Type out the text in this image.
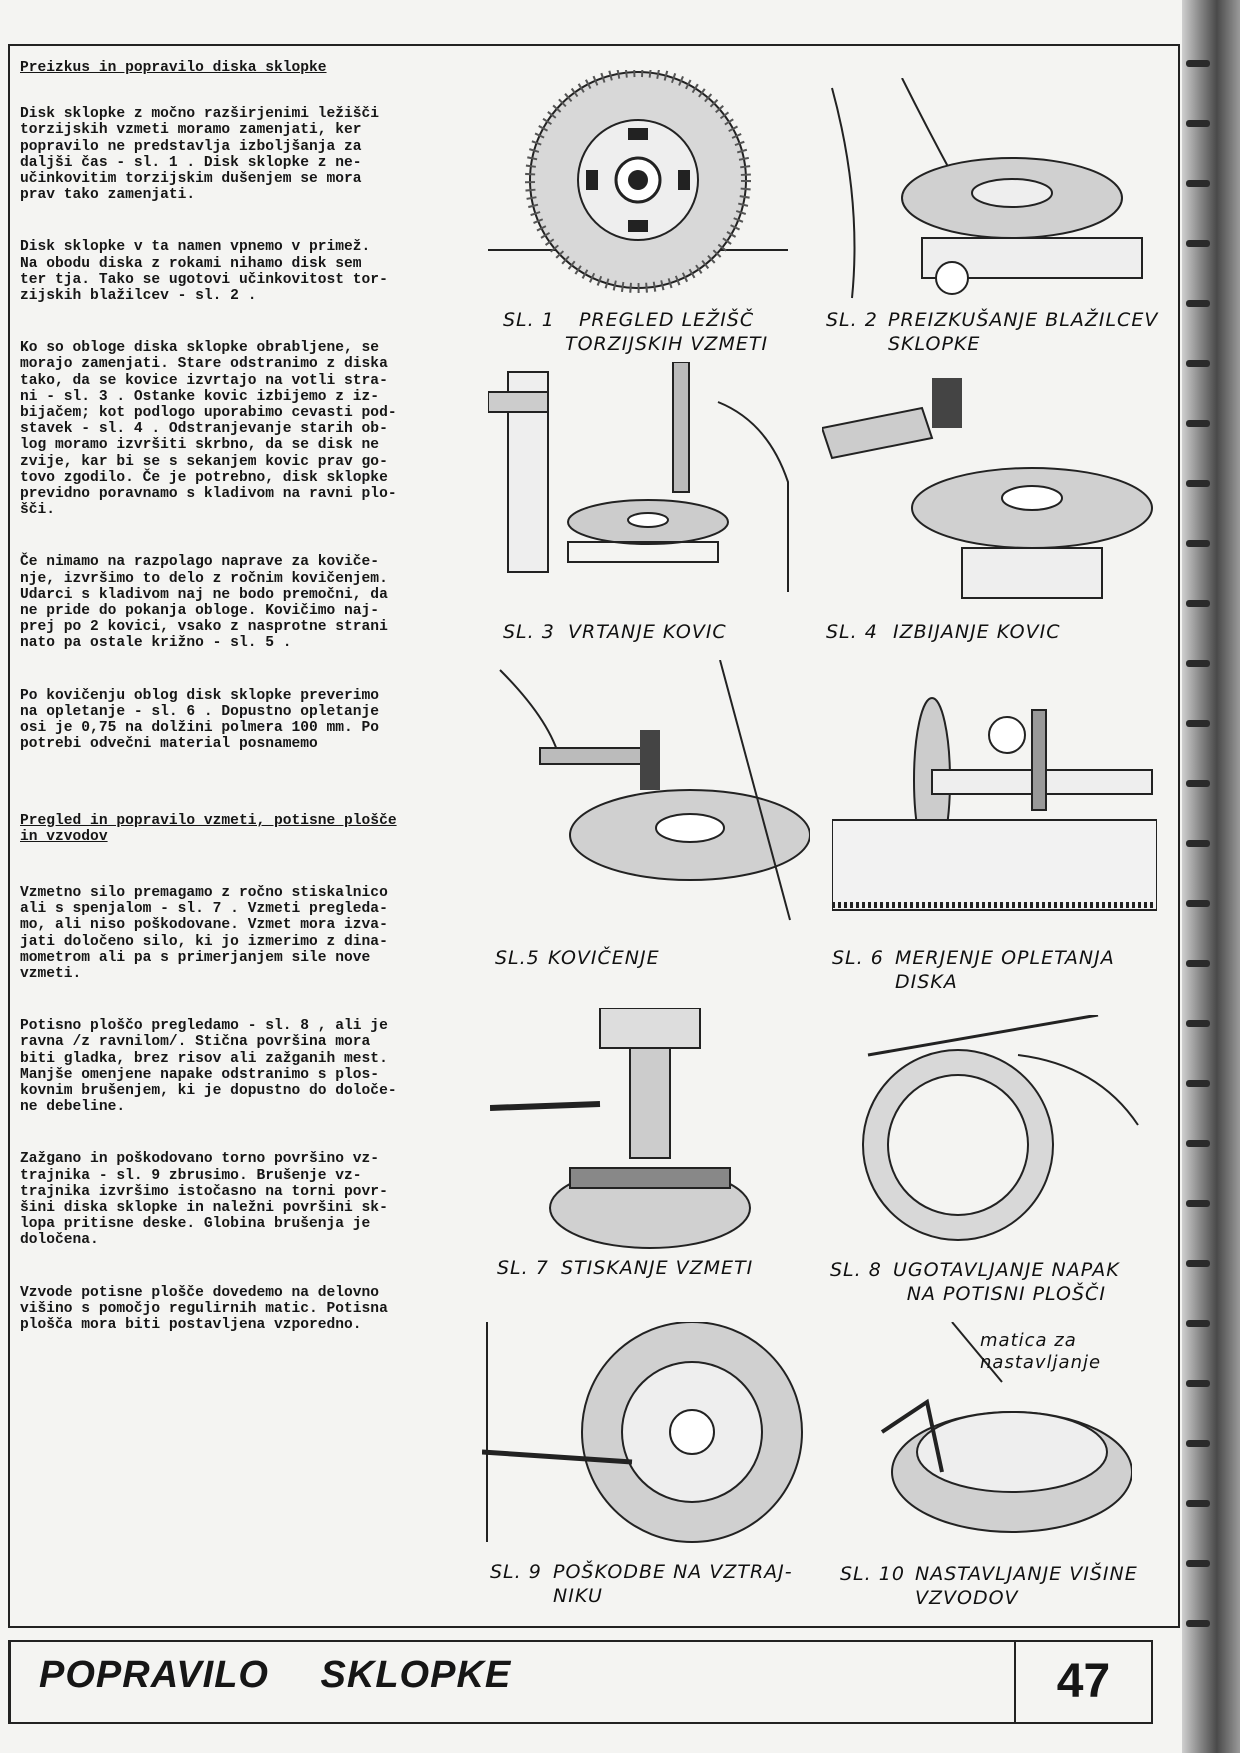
Preizkus in popravilo diska sklopke

Disk sklopke z močno razširjenimi ležišči
torzijskih vzmeti moramo zamenjati, ker
popravilo ne predstavlja izboljšanja za
daljši čas - sl. 1 . Disk sklopke z ne-
učinkovitim torzijskim dušenjem se mora
prav tako zamenjati.

Disk sklopke v ta namen vpnemo v primež.
Na obodu diska z rokami nihamo disk sem
ter tja. Tako se ugotovi učinkovitost tor-
zijskih blažilcev - sl. 2 .

Ko so obloge diska sklopke obrabljene, se
morajo zamenjati. Stare odstranimo z diska
tako, da se kovice izvrtajo na votli stra-
ni - sl. 3 . Ostanke kovic izbijemo z iz-
bijačem; kot podlogo uporabimo cevasti pod-
stavek - sl. 4 . Odstranjevanje starih ob-
log moramo izvršiti skrbno, da se disk ne
zvije, kar bi se s sekanjem kovic prav go-
tovo zgodilo. Če je potrebno, disk sklopke
previdno poravnamo s kladivom na ravni plo-
šči.

Če nimamo na razpolago naprave za koviče-
nje, izvršimo to delo z ročnim kovičenjem.
Udarci s kladivom naj ne bodo premočni, da
ne pride do pokanja obloge. Kovičimo naj-
prej po 2 kovici, vsako z nasprotne strani
nato pa ostale križno - sl. 5 .

Po kovičenju oblog disk sklopke preverimo
na opletanje - sl. 6 . Dopustno opletanje
osi je 0,75 na dolžini polmera 100 mm. Po
potrebi odvečni material posnamemo

Pregled in popravilo vzmeti, potisne plošče
in vzvodov

Vzmetno silo premagamo z ročno stiskalnico
ali s spenjalom - sl. 7 . Vzmeti pregleda-
mo, ali niso poškodovane. Vzmet mora izva-
jati določeno silo, ki jo izmerimo z dina-
mometrom ali pa s primerjanjem sile nove
vzmeti.

Potisno ploščo pregledamo - sl. 8 , ali je
ravna /z ravnilom/. Stična površina mora
biti gladka, brez risov ali zažganih mest.
Manjše omenjene napake odstranimo s plos-
kovnim brušenjem, ki je dopustno do določe-
ne debeline.

Zažgano in poškodovano torno površino vz-
trajnika - sl. 9 zbrusimo. Brušenje vz-
trajnika izvršimo istočasno na torni povr-
šini diska sklopke in naležni površini sk-
lopa pritisne deske. Globina brušenja je
določena.

Vzvode potisne plošče dovedemo na delovno
višino s pomočjo regulirnih matic. Potisna
plošča mora biti postavljena vzporedno.

SL. 1	PREGLED LEŽIŠČ
TORZIJSKIH VZMETI
SL. 2 PREIZKUŠANJE BLAŽILCEV
SKLOPKE
SL. 3 VRTANJE KOVIC	SL. 4 IZBIJANJE KOVIC
SL.5 KOVIČENJE	SL. 6 MERJENJE OPLETANJA
DISKA
SL. 7 STISKANJE VZMETI	SL. 8 UGOTAVLJANJE NAPAK
NA POTISNI PLOŠČI
SL. 9 POŠKODBE NA VZTRAJ-
NIKU
matica za
nastavljanje
SL. 10 NASTAVLJANJE VIŠINE
VZVODOV
POPRAVILO SKLOPKE	47
